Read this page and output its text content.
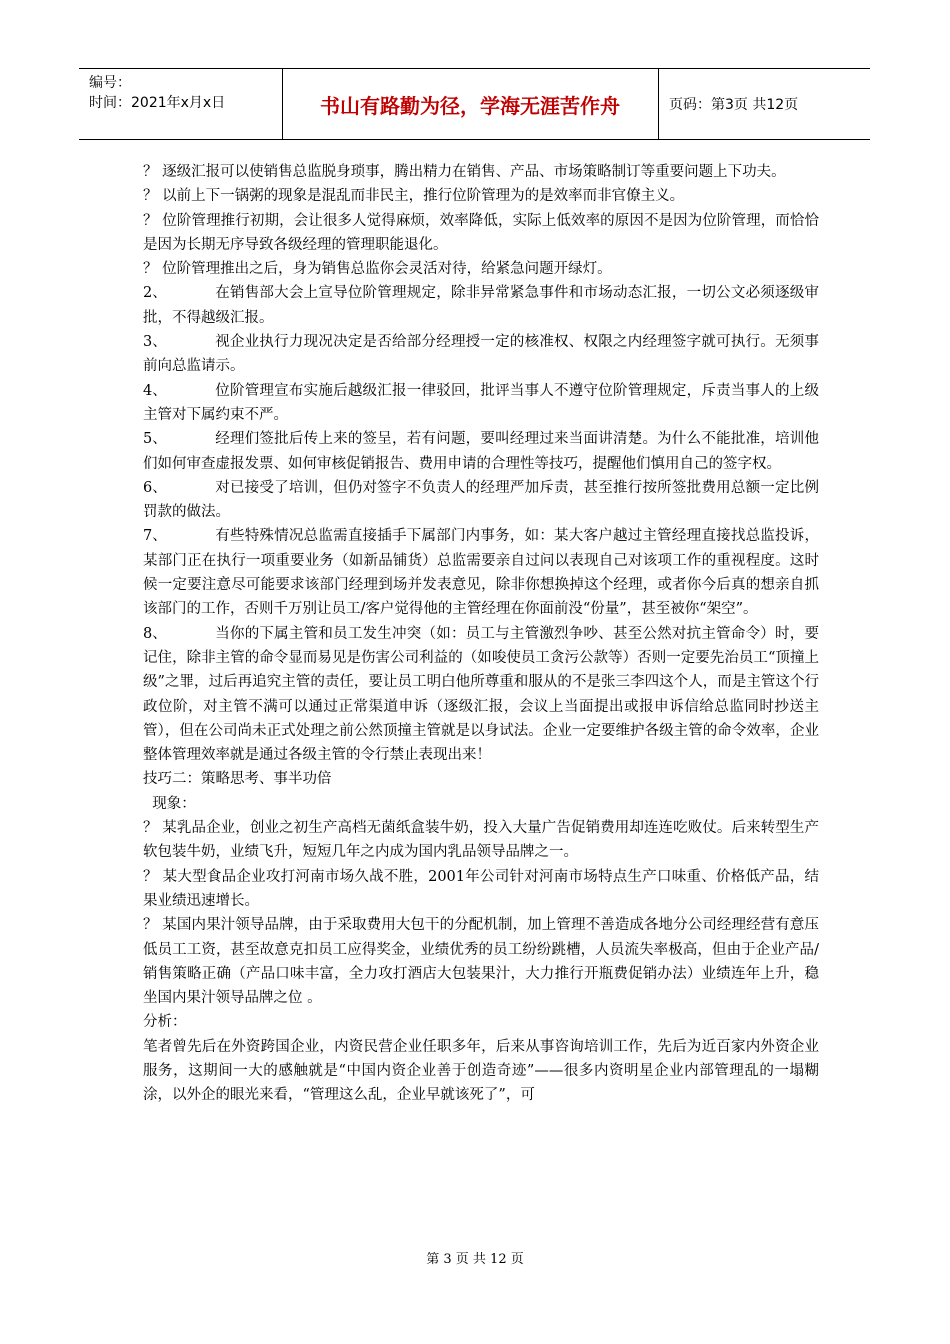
编号：
时间：2021年x月x日	书山有路勤为径，学海无涯苦作舟	页码：第3页 共12页

？ 逐级汇报可以使销售总监脱身琐事，腾出精力在销售、产品、市场策略制订等重要问题上下功夫。

？ 以前上下一锅粥的现象是混乱而非民主，推行位阶管理为的是效率而非官僚主义。

？ 位阶管理推行初期，会让很多人觉得麻烦，效率降低，实际上低效率的原因不是因为位阶管理，而恰恰是因为长期无序导致各级经理的管理职能退化。

？ 位阶管理推出之后，身为销售总监你会灵活对待，给紧急问题开绿灯。

2、	在销售部大会上宣导位阶管理规定，除非异常紧急事件和市场动态汇报，一切公文必须逐级审批，不得越级汇报。

3、	视企业执行力现况决定是否给部分经理授一定的核准权、权限之内经理签字就可执行。无须事前向总监请示。

4、	位阶管理宣布实施后越级汇报一律驳回，批评当事人不遵守位阶管理规定，斥责当事人的上级主管对下属约束不严。

5、	经理们签批后传上来的签呈，若有问题，要叫经理过来当面讲清楚。为什么不能批准，培训他们如何审查虚报发票、如何审核促销报告、费用申请的合理性等技巧，提醒他们慎用自己的签字权。

6、	对已接受了培训，但仍对签字不负责人的经理严加斥责，甚至推行按所签批费用总额一定比例罚款的做法。

7、	有些特殊情况总监需直接插手下属部门内事务，如：某大客户越过主管经理直接找总监投诉，某部门正在执行一项重要业务（如新品铺货）总监需要亲自过问以表现自己对该项工作的重视程度。这时候一定要注意尽可能要求该部门经理到场并发表意见，除非你想换掉这个经理，或者你今后真的想亲自抓该部门的工作，否则千万别让员工/客户觉得他的主管经理在你面前没“份量”，甚至被你“架空”。

8、	当你的下属主管和员工发生冲突（如：员工与主管激烈争吵、甚至公然对抗主管命令）时，要记住，除非主管的命令显而易见是伤害公司利益的（如唆使员工贪污公款等）否则一定要先治员工“顶撞上级”之罪，过后再追究主管的责任，要让员工明白他所尊重和服从的不是张三李四这个人，而是主管这个行政位阶，对主管不满可以通过正常渠道申诉（逐级汇报，会议上当面提出或报申诉信给总监同时抄送主管），但在公司尚未正式处理之前公然顶撞主管就是以身试法。企业一定要维护各级主管的命令效率，企业整体管理效率就是通过各级主管的令行禁止表现出来！

技巧二：策略思考、事半功倍

现象：

？ 某乳品企业，创业之初生产高档无菌纸盒装牛奶，投入大量广告促销费用却连连吃败仗。后来转型生产软包装牛奶，业绩飞升，短短几年之内成为国内乳品领导品牌之一。

？ 某大型食品企业攻打河南市场久战不胜，2001年公司针对河南市场特点生产口味重、价格低产品，结果业绩迅速增长。

？ 某国内果汁领导品牌，由于采取费用大包干的分配机制，加上管理不善造成各地分公司经理经营有意压低员工工资，甚至故意克扣员工应得奖金，业绩优秀的员工纷纷跳槽，人员流失率极高，但由于企业产品/销售策略正确（产品口味丰富，全力攻打酒店大包装果汁，大力推行开瓶费促销办法）业绩连年上升，稳坐国内果汁领导品牌之位 。

分析：

笔者曾先后在外资跨国企业，内资民营企业任职多年，后来从事咨询培训工作，先后为近百家内外资企业服务，这期间一大的感触就是“中国内资企业善于创造奇迹”——很多内资明星企业内部管理乱的一塌糊涂，以外企的眼光来看，“管理这么乱，企业早就该死了”，可

第 3 页 共 12 页
